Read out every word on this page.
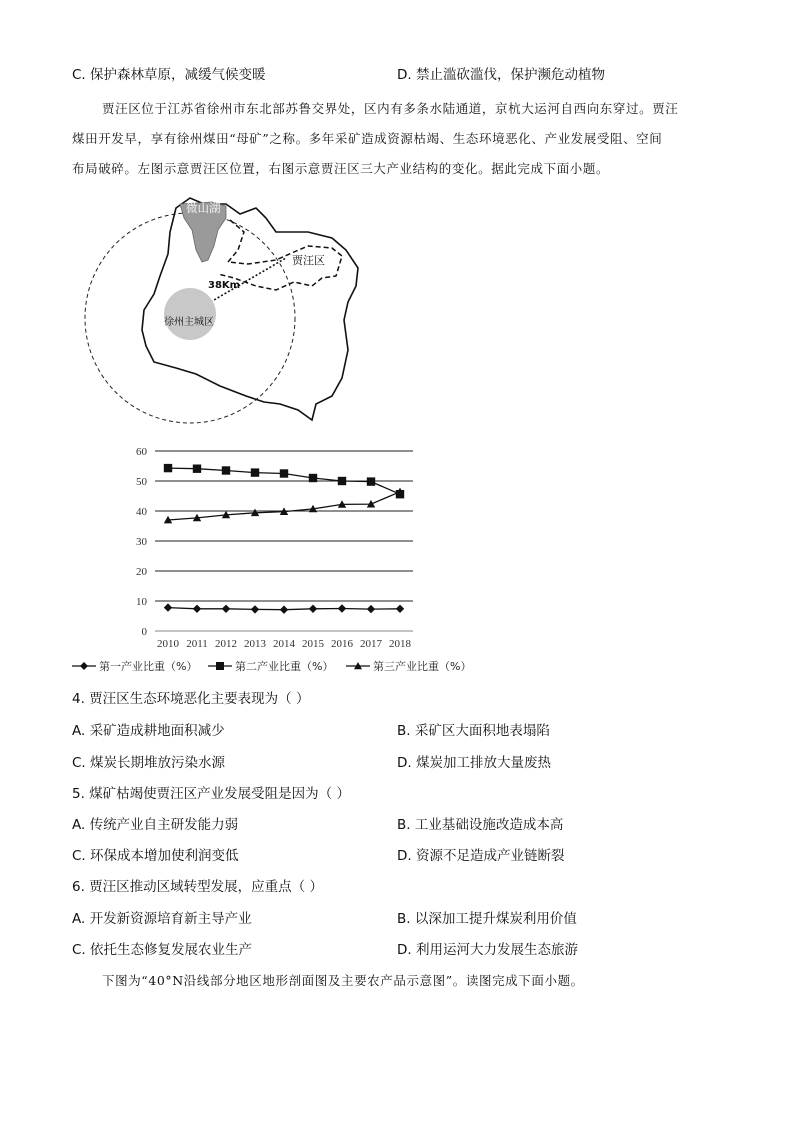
C. 保护森林草原，减缓气候变暖	D. 禁止滥砍滥伐，保护濒危动植物
贾汪区位于江苏省徐州市东北部苏鲁交界处，区内有多条水陆通道，京杭大运河自西向东穿过。贾汪
煤田开发早，享有徐州煤田“母矿”之称。多年采矿造成资源枯竭、生态环境恶化、产业发展受阻、空间
布局破碎。左图示意贾汪区位置，右图示意贾汪区三大产业结构的变化。据此完成下面小题。
微山湖
贾汪区
38Km
徐州主城区
0
10
20
30
40
50
60
2010 2011 2012 2013 2014 2015 2016 2017 2018
第一产业比重（%）	第二产业比重（%）	第三产业比重（%）
4. 贾汪区生态环境恶化主要表现为（ ）
A. 采矿造成耕地面积减少	B. 采矿区大面积地表塌陷
C. 煤炭长期堆放污染水源	D. 煤炭加工排放大量废热
5. 煤矿枯竭使贾汪区产业发展受阻是因为（ ）
A. 传统产业自主研发能力弱	B. 工业基础设施改造成本高
C. 环保成本增加使利润变低	D. 资源不足造成产业链断裂
6. 贾汪区推动区域转型发展，应重点（ ）
A. 开发新资源培育新主导产业	B. 以深加工提升煤炭利用价值
C. 依托生态修复发展农业生产	D. 利用运河大力发展生态旅游
下图为“40°N沿线部分地区地形剖面图及主要农产品示意图”。读图完成下面小题。
